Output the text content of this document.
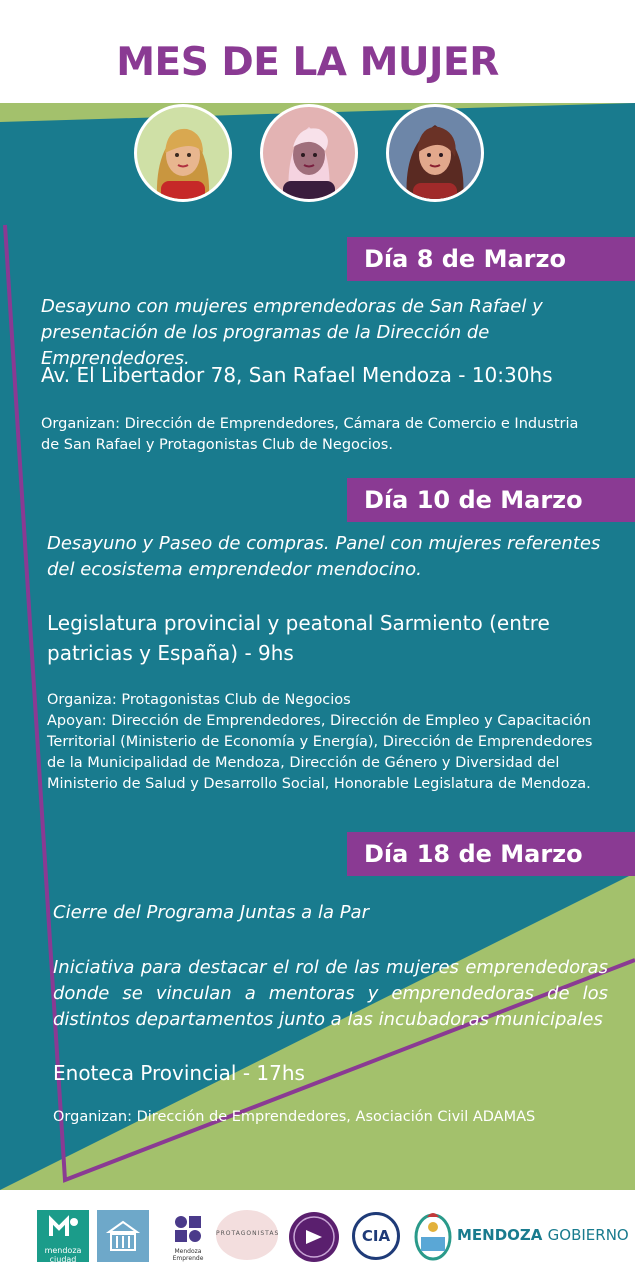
MES DE LA MUJER
Día 8 de Marzo
Desayuno con mujeres emprendedoras de San Rafael y presentación de los programas de la Dirección de Emprendedores.
Av. El Libertador 78, San Rafael Mendoza - 10:30hs
Organizan: Dirección de Emprendedores, Cámara de Comercio e Industria de San Rafael y Protagonistas Club de Negocios.
Día 10 de Marzo
Desayuno y Paseo de compras. Panel con mujeres referentes del ecosistema emprendedor mendocino.
Legislatura provincial y peatonal Sarmiento (entre patricias y España) - 9hs
Organiza: Protagonistas Club de Negocios
Apoyan: Dirección de Emprendedores, Dirección de Empleo y Capacitación Territorial (Ministerio de Economía y Energía), Dirección de Emprendedores de la Municipalidad de Mendoza, Dirección de Género y Diversidad del Ministerio de Salud y Desarrollo Social, Honorable Legislatura de Mendoza.
Día 18 de Marzo
Cierre del Programa Juntas a la Par
Iniciativa para destacar el rol de las mujeres emprendedoras donde se vinculan a mentoras y emprendedoras de los distintos departamentos junto a las incubadoras municipales
Enoteca Provincial - 17hs
Organizan: Dirección de Emprendedores, Asociación Civil ADAMAS
mendoza ciudad
Mendoza Emprende
PROTAGONISTAS	CIA	MENDOZA GOBIERNO
